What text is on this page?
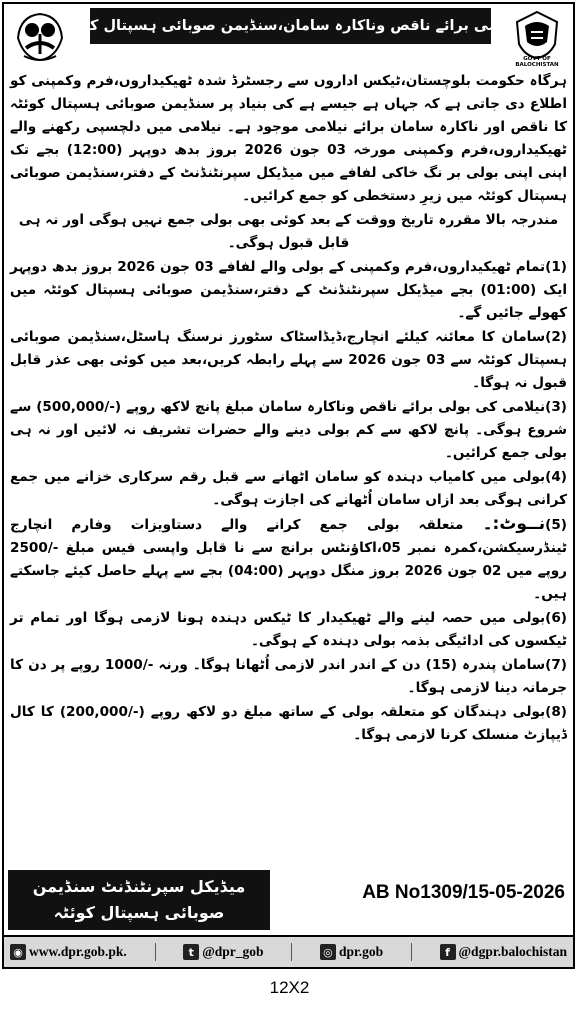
نیلامی برائے ناقص وناکارہ سامان،سنڈیمن صوبائی ہسپتال کوئٹہ
GOVT OF BALOCHISTAN

ہرگاہ حکومت بلوچستان،ٹیکس اداروں سے رجسٹرڈ شدہ ٹھیکیداروں،فرم وکمپنی کو اطلاع دی جاتی ہے کہ جہاں ہے جیسے ہے کی بنیاد پر سنڈیمن صوبائی ہسپتال کوئٹہ کا ناقص اور ناکارہ سامان برائے نیلامی موجود ہے۔ نیلامی میں دلچسپی رکھنے والے ٹھیکیداروں،فرم وکمپنی مورخہ 03 جون 2026 بروز بدھ دوپہر (12:00) بجے تک اپنی اپنی بولی بر نگ خاکی لفافے میں میڈیکل سپرنٹنڈنٹ کے دفتر،سنڈیمن صوبائی ہسپتال کوئٹہ میں زیرِ دستخطی کو جمع کرائیں۔

مندرجہ بالا مقررہ تاریخ ووقت کے بعد کوئی بھی بولی جمع نہیں ہوگی اور نہ ہی قابل قبول ہوگی۔

(1)تمام ٹھیکیداروں،فرم وکمپنی کے بولی والے لفافے 03 جون 2026 بروز بدھ دوپہر ایک (01:00) بجے میڈیکل سپرنٹنڈنٹ کے دفتر،سنڈیمن صوبائی ہسپتال کوئٹہ میں کھولے جائیں گے۔

(2)سامان کا معائنہ کیلئے انچارج،ڈیڈاسٹاک سٹورز نرسنگ ہاسٹل،سنڈیمن صوبائی ہسپتال کوئٹہ سے 03 جون 2026 سے پہلے رابطہ کریں،بعد میں کوئی بھی عذر قابل قبول نہ ہوگا۔

(3)نیلامی کی بولی برائے ناقص وناکارہ سامان مبلغ پانچ لاکھ روپے (-/500,000) سے شروع ہوگی۔ پانچ لاکھ سے کم بولی دینے والے حضرات تشریف نہ لائیں اور نہ ہی بولی جمع کرائیں۔

(4)بولی میں کامیاب دہندہ کو سامان اٹھانے سے قبل رقم سرکاری خزانے میں جمع کرانی ہوگی بعد ازاں سامان اُٹھانے کی اجازت ہوگی۔

(5)نــوٹ:۔ متعلقہ بولی جمع کرانے والے دستاویزات وفارم انچارج ٹینڈرسیکشن،کمرہ نمبر 05،اکاؤنٹس برانچ سے نا قابل واپسی فیس مبلغ -/2500 روپے میں 02 جون 2026 بروز منگل دوپہر (04:00) بجے سے پہلے حاصل کیئے جاسکتے ہیں۔

(6)بولی میں حصہ لینے والے ٹھیکیدار کا ٹیکس دہندہ ہونا لازمی ہوگا اور تمام تر ٹیکسوں کی ادائیگی بذمہ بولی دہندہ کے ہوگی۔

(7)سامان پندرہ (15) دن کے اندر اندر لازمی اُٹھانا ہوگا۔ ورنہ -/1000 روپے پر دن کا جرمانہ دینا لازمی ہوگا۔

(8)بولی دہندگان کو متعلقہ بولی کے ساتھ مبلغ دو لاکھ روپے (-/200,000) کا کال ڈیپازٹ منسلک کرنا لازمی ہوگا۔

میڈیکل سپرنٹنڈنٹ سنڈیمن
صوبائی ہسپتال کوئٹہ
AB No1309/15-05-2026
◉ www.dpr.gob.pk.	t @dpr_gob	◎ dpr.gob	f @dgpr.balochistan
12X2
